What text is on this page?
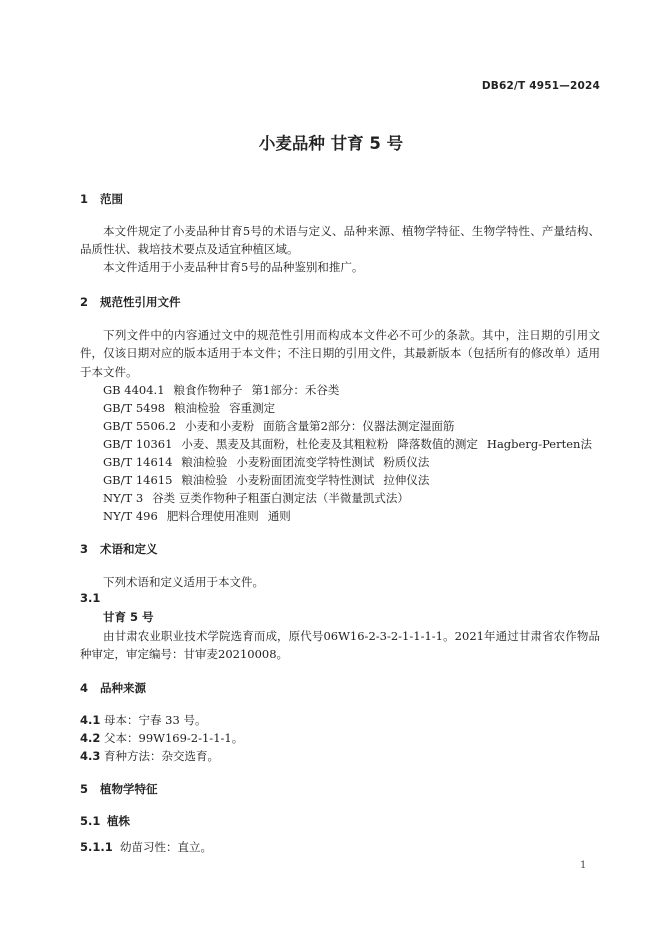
DB62/T 4951—2024
小麦品种 甘育 5 号
1 范围
本文件规定了小麦品种甘育5号的术语与定义、品种来源、植物学特征、生物学特性、产量结构、品质性状、栽培技术要点及适宜种植区域。
本文件适用于小麦品种甘育5号的品种鉴别和推广。
2 规范性引用文件
下列文件中的内容通过文中的规范性引用而构成本文件必不可少的条款。其中，注日期的引用文件，仅该日期对应的版本适用于本文件；不注日期的引用文件，其最新版本（包括所有的修改单）适用于本文件。
GB 4404.1 粮食作物种子 第1部分：禾谷类
GB/T 5498 粮油检验 容重测定
GB/T 5506.2 小麦和小麦粉 面筋含量第2部分：仪器法测定湿面筋
GB/T 10361 小麦、黑麦及其面粉，杜伦麦及其粗粒粉 降落数值的测定 Hagberg-Perten法
GB/T 14614 粮油检验 小麦粉面团流变学特性测试 粉质仪法
GB/T 14615 粮油检验 小麦粉面团流变学特性测试 拉伸仪法
NY/T 3 谷类 豆类作物种子粗蛋白测定法（半微量凯式法）
NY/T 496 肥料合理使用准则 通则
3 术语和定义
下列术语和定义适用于本文件。
3.1
甘育 5 号
由甘肃农业职业技术学院选育而成，原代号06W16-2-3-2-1-1-1-1。2021年通过甘肃省农作物品种审定，审定编号：甘审麦20210008。
4 品种来源
4.1 母本：宁春 33 号。
4.2 父本：99W169-2-1-1-1。
4.3 育种方法：杂交选育。
5 植物学特征
5.1 植株
5.1.1 幼苗习性：直立。
1
